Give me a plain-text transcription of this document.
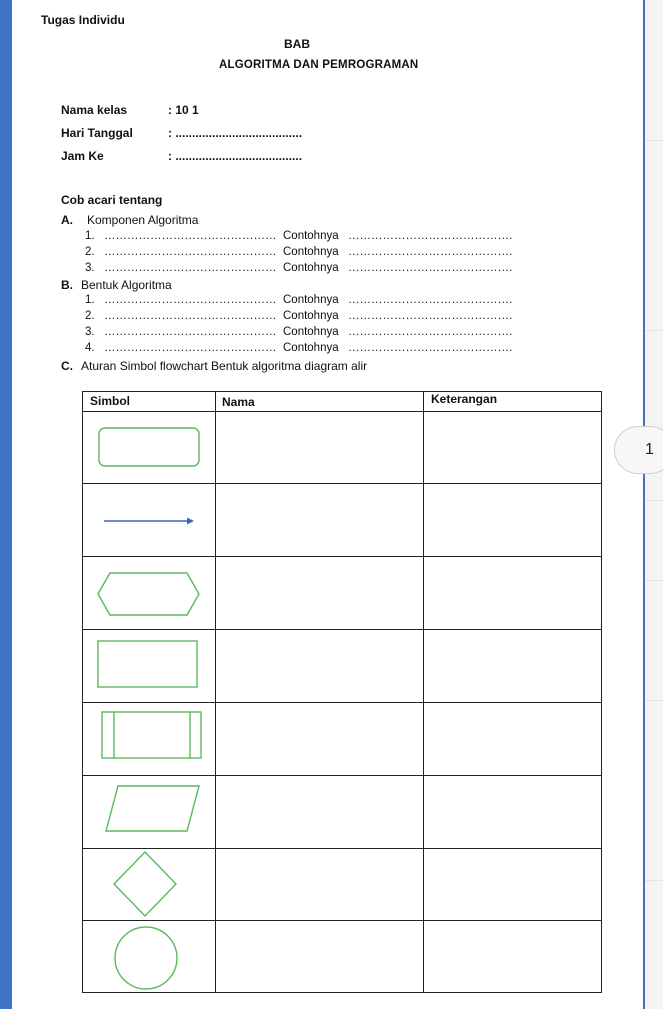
1
Tugas Individu
BAB
ALGORITMA DAN PEMROGRAMAN
Nama kelas	: 10 1
Hari Tanggal	: ......................................
Jam Ke	: ......................................
Cob acari tentang
A. Komponen Algoritma
1. ……………………………………… Contohnya …………………………………….
2. ……………………………………… Contohnya …………………………………….
3. ……………………………………… Contohnya …………………………………….
B. Bentuk Algoritma
1. ……………………………………… Contohnya …………………………………….
2. ……………………………………… Contohnya …………………………………….
3. ……………………………………… Contohnya …………………………………….
4. ……………………………………… Contohnya …………………………………….
C. Aturan Simbol flowchart Bentuk algoritma diagram alir
Simbol	Nama	Keterangan
